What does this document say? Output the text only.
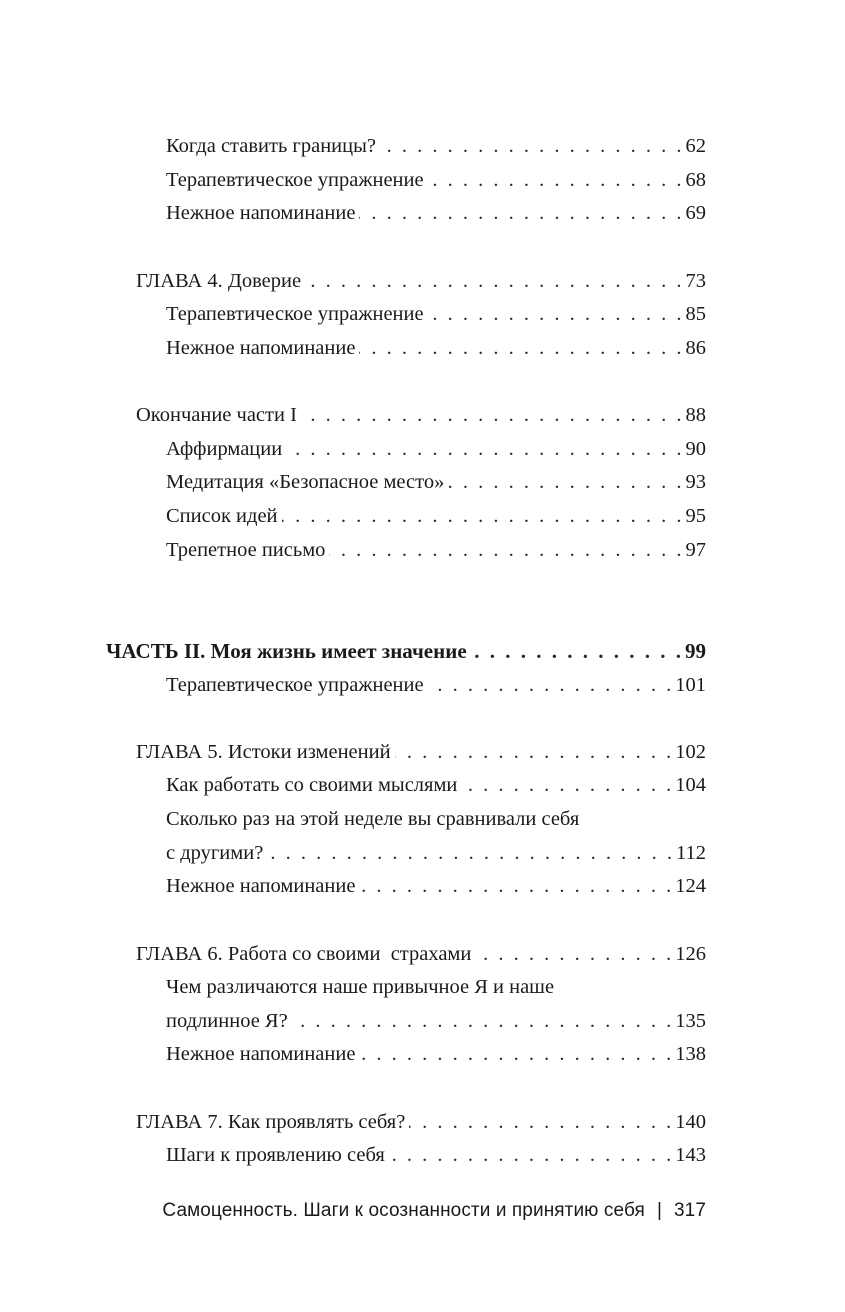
Когда ставить границы? . . .	62
Терапевтическое упражнение . . .	68
Нежное напоминание . . .	69
ГЛАВА 4. Доверие . . .	73
Терапевтическое упражнение . . .	85
Нежное напоминание . . .	86
Окончание части I . . .	88
Аффирмации . . .	90
Медитация «Безопасное место» . . .	93
Список идей . . .	95
Трепетное письмо . . .	97
ЧАСТЬ II. Моя жизнь имеет значение . . .	99
Терапевтическое упражнение . . .	101
ГЛАВА 5. Истоки изменений . . .	102
Как работать со своими мыслями . . .	104
Сколько раз на этой неделе вы сравнивали себя
с другими? . . .	112
Нежное напоминание . . .	124
ГЛАВА 6. Работа со своими  страхами . . .	126
Чем различаются наше привычное Я и наше
подлинное Я? . . .	135
Нежное напоминание . . .	138
ГЛАВА 7. Как проявлять себя? . . .	140
Шаги к проявлению себя . . .	143
Самоценность. Шаги к осознанности и принятию себя | 317
